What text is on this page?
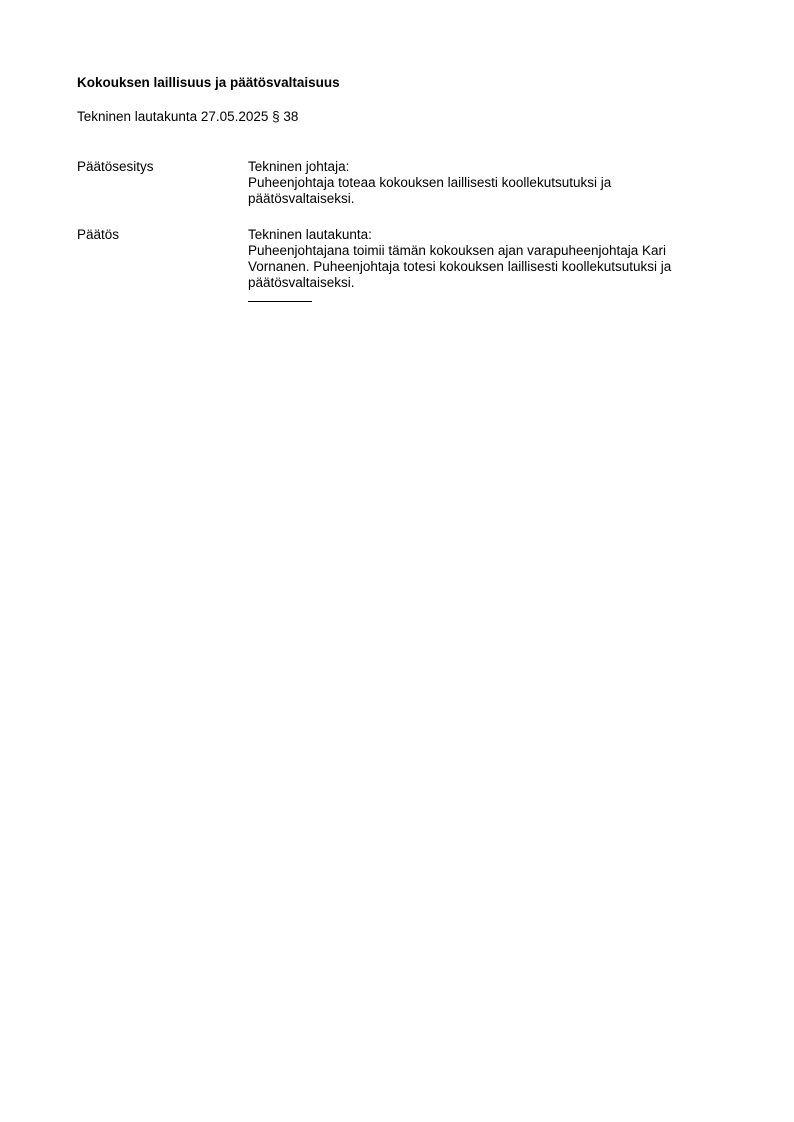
Kokouksen laillisuus ja päätösvaltaisuus
Tekninen lautakunta 27.05.2025 § 38
Päätösesitys	Tekninen johtaja:

Puheenjohtaja toteaa kokouksen laillisesti koollekutsutuksi ja päätösvaltaiseksi.

Päätös	Tekninen lautakunta:

Puheenjohtajana toimii tämän kokouksen ajan varapuheenjohtaja Kari Vornanen. Puheenjohtaja totesi kokouksen laillisesti koollekutsutuksi ja päätösvaltaiseksi.
